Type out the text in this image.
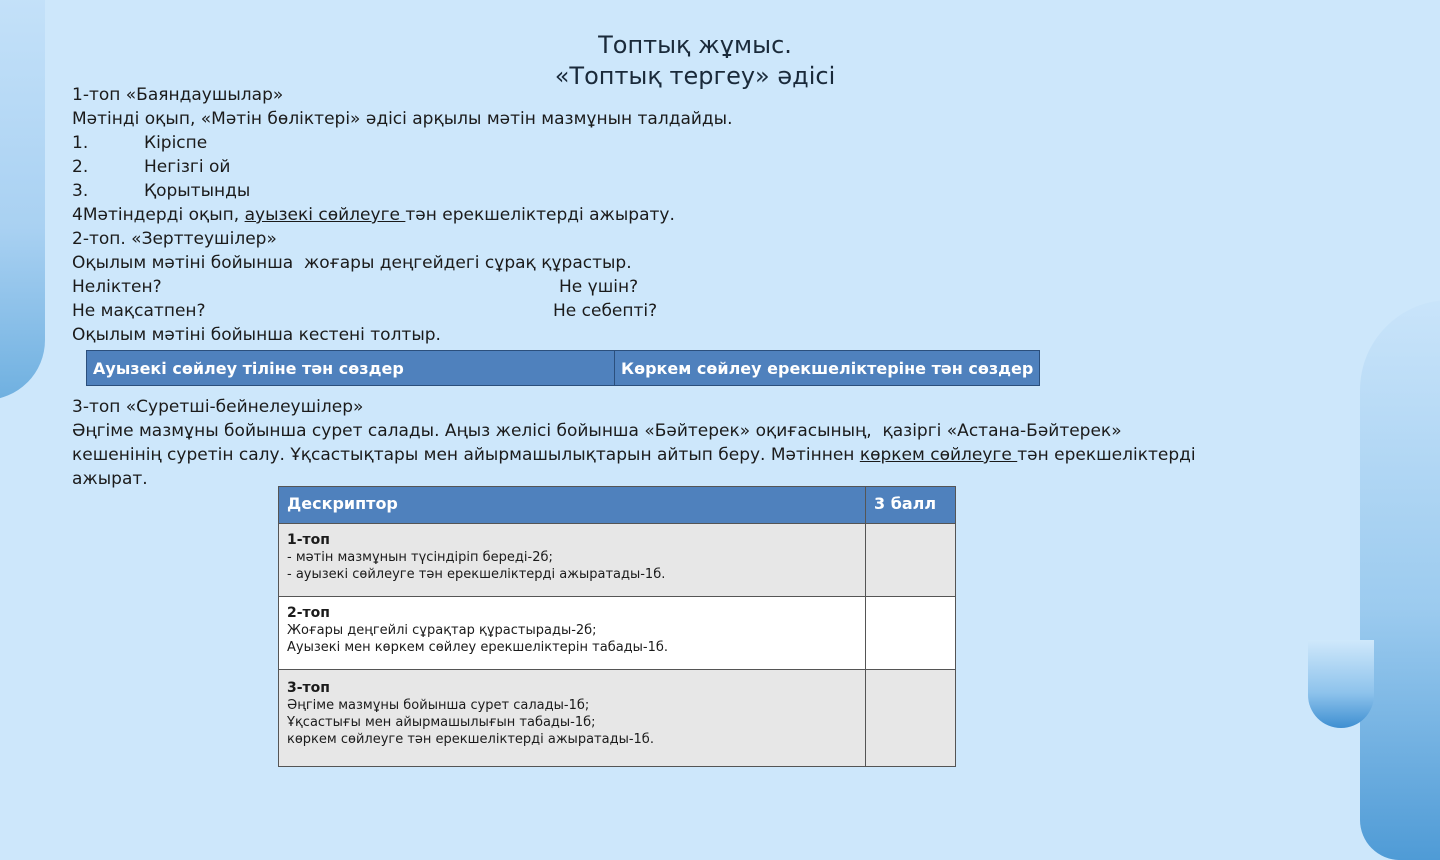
Топтық жұмыс.
«Топтық тергеу» әдісі
1-топ «Баяндаушылар»
Мәтінді оқып, «Мәтін бөліктері» әдісі арқылы мәтін мазмұнын талдайды.
1.	Кіріспе
2.	Негізгі ой
3.	Қорытынды
4Мәтіндерді оқып, ауызекі сөйлеуге тән ерекшеліктерді ажырату.
2-топ. «Зерттеушілер»
Оқылым мәтіні бойынша  жоғары деңгейдегі сұрақ құрастыр.
Неліктен?	Не үшін?
Не мақсатпен?	Не себепті?
Оқылым мәтіні бойынша кестені толтыр.
Ауызекі сөйлеу тіліне тән сөздер	Көркем сөйлеу ерекшеліктеріне тән сөздер
3-топ «Суретші-бейнелеушілер»
Әңгіме мазмұны бойынша сурет салады. Аңыз желісі бойынша «Бәйтерек» оқиғасының,  қазіргі «Астана-Бәйтерек»
кешенінің суретін салу. Ұқсастықтары мен айырмашылықтарын айтып беру. Мәтіннен көркем сөйлеуге тән ерекшеліктерді
ажырат.
Дескриптор	3 балл

1-топ
- мәтін мазмұнын түсіндіріп береді-2б;
- ауызекі сөйлеуге тән ерекшеліктерді ажыратады-1б.	

2-топ
Жоғары деңгейлі сұрақтар құрастырады-2б;
Ауызекі мен көркем сөйлеу ерекшеліктерін табады-1б.	

3-топ
Әңгіме мазмұны бойынша сурет салады-1б;
Ұқсастығы мен айырмашылығын табады-1б;
көркем сөйлеуге тән ерекшеліктерді ажыратады-1б.	
